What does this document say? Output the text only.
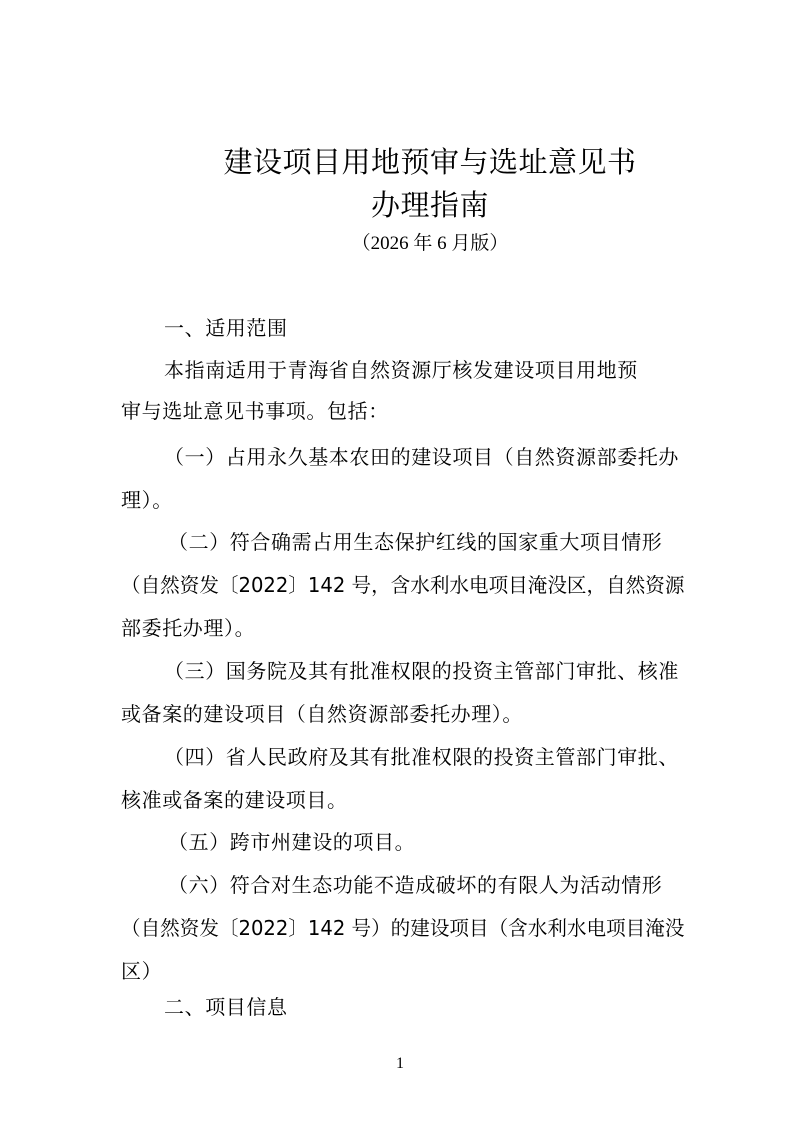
建设项目用地预审与选址意见书
办理指南
（2026 年 6 月版）
一、适用范围
本指南适用于青海省自然资源厅核发建设项目用地预
审与选址意见书事项。包括：
（一）占用永久基本农田的建设项目（自然资源部委托办
理）。
（二）符合确需占用生态保护红线的国家重大项目情形
（自然资发〔2022〕142 号，含水利水电项目淹没区，自然资源
部委托办理）。
（三）国务院及其有批准权限的投资主管部门审批、核准
或备案的建设项目（自然资源部委托办理）。
（四）省人民政府及其有批准权限的投资主管部门审批、
核准或备案的建设项目。
（五）跨市州建设的项目。
（六）符合对生态功能不造成破坏的有限人为活动情形
（自然资发〔2022〕142 号）的建设项目（含水利水电项目淹没
区）
二、项目信息
1
